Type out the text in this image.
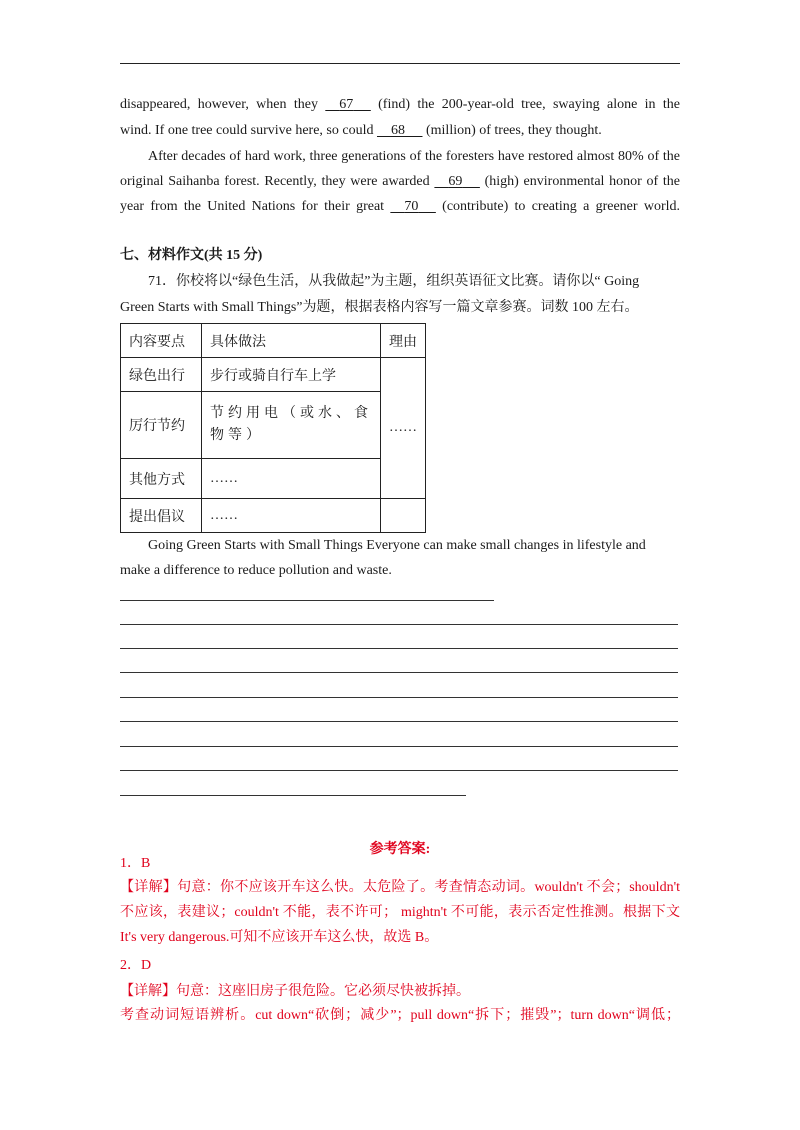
disappeared, however, when they 67 (find) the 200-year-old tree, swaying alone in the
wind. If one tree could survive here, so could 68 (million) of trees, they thought.
After decades of hard work, three generations of the foresters have restored almost 80% of the
original Saihanba forest. Recently, they were awarded 69 (high) environmental honor of the
year from the United Nations for their great 70 (contribute) to creating a greener world.
七、材料作文(共 15 分)
71．你校将以“绿色生活，从我做起”为主题，组织英语征文比赛。请你以“ Going
Green Starts with Small Things”为题，根据表格内容写一篇文章参赛。词数 100 左右。
内容要点	具体做法	理由
绿色出行	步行或骑自行车上学	……
厉行节约	节约用电（或水、食物等）	
其他方式	……	
提出倡议	……	
Going Green Starts with Small Things Everyone can make small changes in lifestyle and
make a difference to reduce pollution and waste.
参考答案:
1．B
【详解】句意：你不应该开车这么快。太危险了。考查情态动词。wouldn't 不会；shouldn't
不应该，表建议；couldn't 不能，表不许可； mightn't 不可能，表示否定性推测。根据下文
It's very dangerous.可知不应该开车这么快，故选 B。
2．D
【详解】句意：这座旧房子很危险。它必须尽快被拆掉。
考查动词短语辨析。cut down“砍倒；减少”；pull down“拆下；摧毁”；turn down“调低；
